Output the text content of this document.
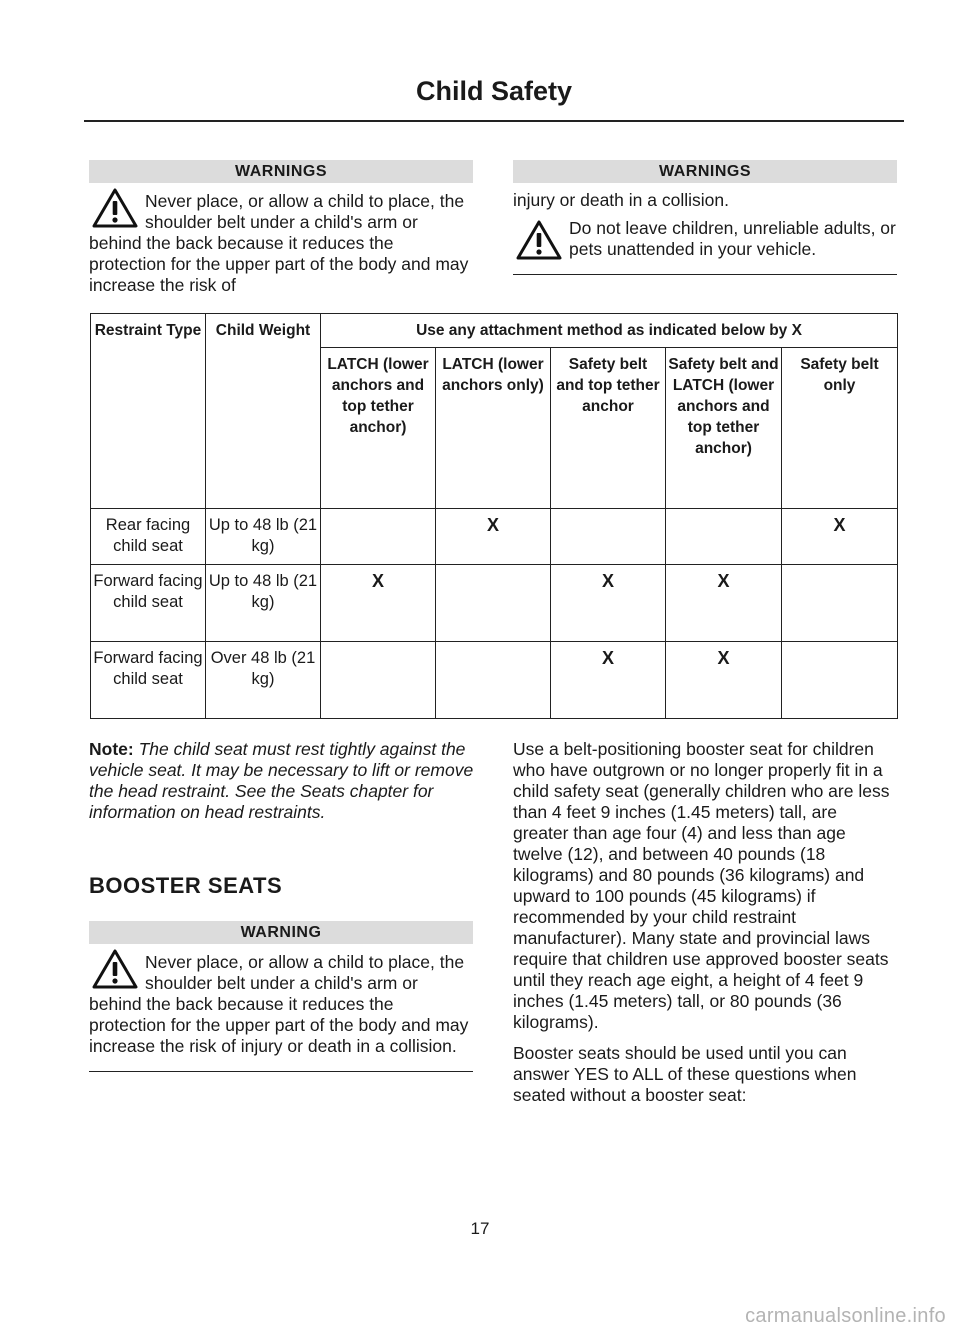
Child Safety
WARNINGS

Never place, or allow a child to place, the shoulder belt under a child's arm or behind the back because it reduces the protection for the upper part of the body and may increase the risk of

WARNINGS

injury or death in a collision.

Do not leave children, unreliable adults, or pets unattended in your vehicle.

Restraint Type	Child Weight	Use any attachment method as indicated below by X				
		LATCH (lower anchors and top tether anchor)	LATCH (lower anchors only)	Safety belt and top tether anchor	Safety belt and LATCH (lower anchors and top tether anchor)	Safety belt only
Rear facing child seat	Up to 48 lb (21 kg)		X			X
Forward facing child seat	Up to 48 lb (21 kg)	X		X	X	
Forward facing child seat	Over 48 lb (21 kg)			X	X	
Note: The child seat must rest tightly against the vehicle seat. It may be necessary to lift or remove the head restraint. See the Seats chapter for information on head restraints.
BOOSTER SEATS
WARNING

Never place, or allow a child to place, the shoulder belt under a child's arm or behind the back because it reduces the protection for the upper part of the body and may increase the risk of injury or death in a collision.

Use a belt-positioning booster seat for children who have outgrown or no longer properly fit in a child safety seat (generally children who are less than 4 feet 9 inches (1.45 meters) tall, are greater than age four (4) and less than age twelve (12), and between 40 pounds (18 kilograms) and 80 pounds (36 kilograms) and upward to 100 pounds (45 kilograms) if recommended by your child restraint manufacturer). Many state and provincial laws require that children use approved booster seats until they reach age eight, a height of 4 feet 9 inches (1.45 meters) tall, or 80 pounds (36 kilograms).

Booster seats should be used until you can answer YES to ALL of these questions when seated without a booster seat:

17
carmanualsonline.info
